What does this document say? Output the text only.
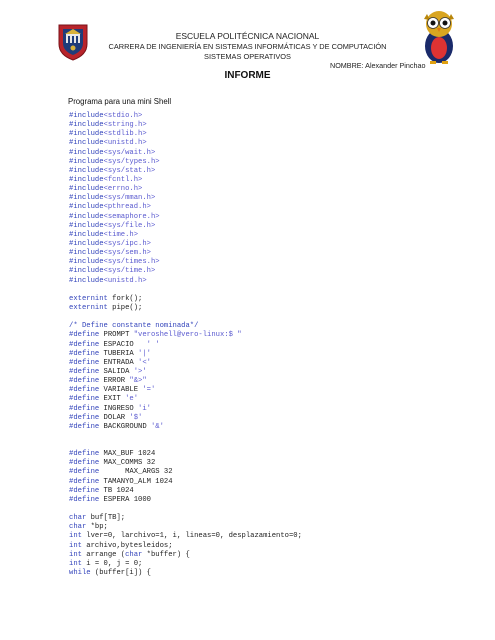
ESCUELA POLITÉCNICA NACIONAL
CARRERA DE INGENIERÍA EN SISTEMAS INFORMÁTICAS Y DE COMPUTACIÓN
SISTEMAS OPERATIVOS
NOMBRE: Alexander Pinchao
INFORME
Programa para una mini Shell
#include<stdio.h>
#include<string.h>
#include<stdlib.h>
#include<unistd.h>
#include<sys/wait.h>
#include<sys/types.h>
#include<sys/stat.h>
#include<fcntl.h>
#include<errno.h>
#include<sys/mman.h>
#include<pthread.h>
#include<semaphore.h>
#include<sys/file.h>
#include<time.h>
#include<sys/ipc.h>
#include<sys/sem.h>
#include<sys/times.h>
#include<sys/time.h>
#include<unistd.h>
externint fork();
externint pipe();
/* Define constante nominada*/
#define PROMPT "veroshell@vero-linux:$ "
#define ESPACIO   ' '
#define TUBERIA '|'
#define ENTRADA '<'
#define SALIDA '>'
#define ERROR "&>"
#define VARIABLE '='
#define EXIT 'e'
#define INGRESO 'i'
#define DOLAR '$'
#define BACKGROUND '&'
#define MAX_BUF 1024
#define MAX_COMMS 32
#define      MAX_ARGS 32
#define TAMANYO_ALM 1024
#define TB 1024
#define ESPERA 1000
char buf[TB];
char *bp;
int lver=0, larchivo=1, i, lineas=0, desplazamiento=0;
int archivo,bytesleidos;
int arrange (char *buffer) {
int i = 0, j = 0;
while (buffer[i]) {
